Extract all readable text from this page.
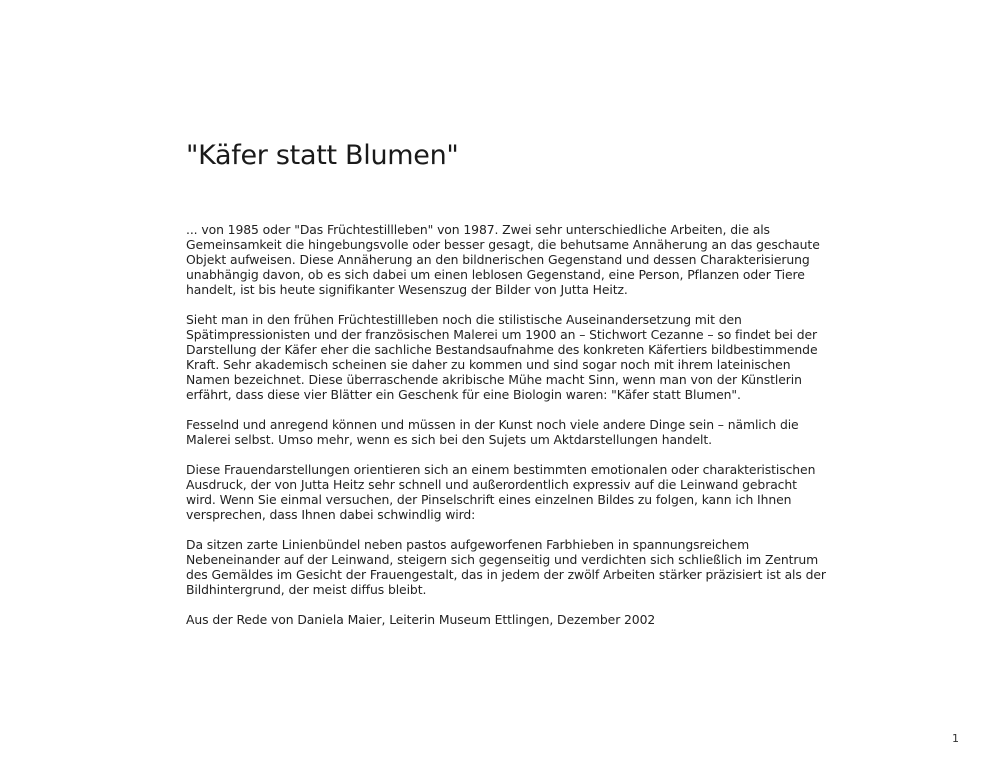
"Käfer statt Blumen"

... von 1985 oder "Das Früchtestillleben" von 1987. Zwei sehr unterschiedliche Arbeiten, die als Gemeinsamkeit die hingebungsvolle oder besser gesagt, die behutsame Annäherung an das geschaute Objekt aufweisen. Diese Annäherung an den bildnerischen Gegenstand und dessen Charakterisierung unabhängig davon, ob es sich dabei um einen leblosen Gegenstand, eine Person, Pflanzen oder Tiere handelt, ist bis heute signifikanter Wesenszug der Bilder von Jutta Heitz.

Sieht man in den frühen Früchtestillleben noch die stilistische Auseinandersetzung mit den Spätimpressionisten und der französischen Malerei um 1900 an – Stichwort Cezanne – so findet bei der Darstellung der Käfer eher die sachliche Bestandsaufnahme des konkreten Käfertiers bildbestimmende Kraft. Sehr akademisch scheinen sie daher zu kommen und sind sogar noch mit ihrem lateinischen Namen bezeichnet. Diese überraschende akribische Mühe macht Sinn, wenn man von der Künstlerin erfährt, dass diese vier Blätter ein Geschenk für eine Biologin waren: "Käfer statt Blumen".

Fesselnd und anregend können und müssen in der Kunst noch viele andere Dinge sein – nämlich die Malerei selbst. Umso mehr, wenn es sich bei den Sujets um Aktdarstellungen handelt.

Diese Frauendarstellungen orientieren sich an einem bestimmten emotionalen oder charakteristischen Ausdruck, der von Jutta Heitz sehr schnell und außerordentlich expressiv auf die Leinwand gebracht wird. Wenn Sie einmal versuchen, der Pinselschrift eines einzelnen Bildes zu folgen, kann ich Ihnen versprechen, dass Ihnen dabei schwindlig wird:

Da sitzen zarte Linienbündel neben pastos aufgeworfenen Farbhieben in spannungsreichem Nebeneinander auf der Leinwand, steigern sich gegenseitig und verdichten sich schließlich im Zentrum des Gemäldes im Gesicht der Frauengestalt, das in jedem der zwölf Arbeiten stärker präzisiert ist als der Bildhintergrund, der meist diffus bleibt.

Aus der Rede von Daniela Maier, Leiterin Museum Ettlingen, Dezember 2002

1
